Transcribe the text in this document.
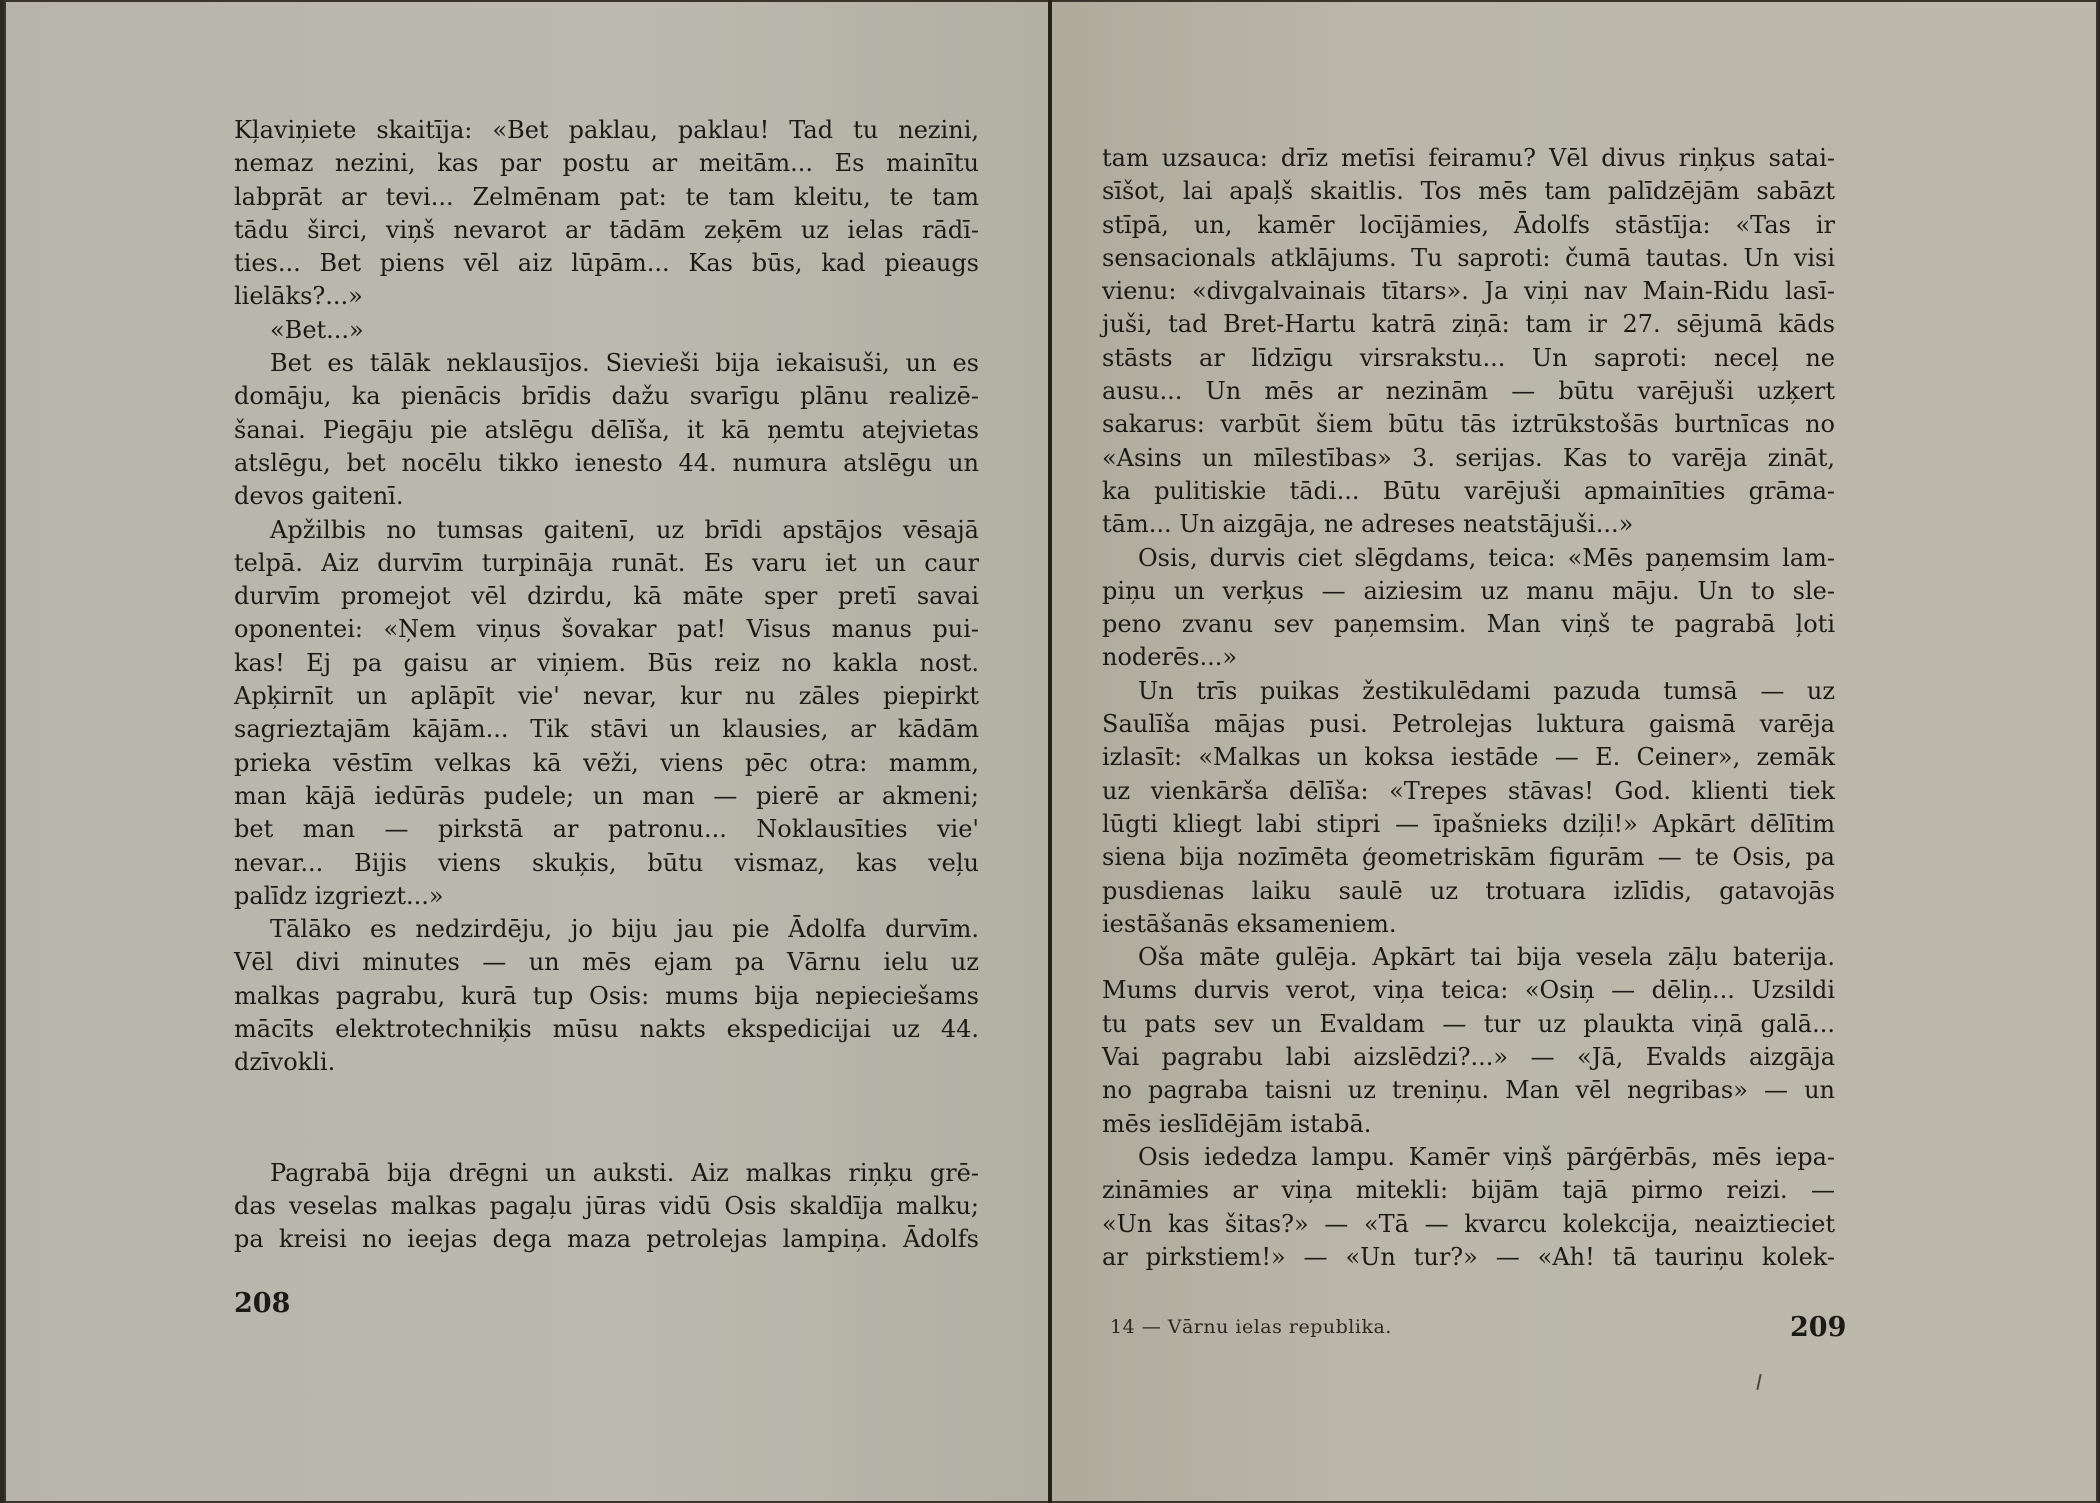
Kļaviņiete skaitīja: «Bet paklau, paklau! Tad tu nezini,
nemaz nezini, kas par postu ar meitām... Es mainītu
labprāt ar tevi... Zelmēnam pat: te tam kleitu, te tam
tādu širci, viņš nevarot ar tādām zeķēm uz ielas rādī-
ties... Bet piens vēl aiz lūpām... Kas būs, kad pieaugs
lielāks?...»
«Bet...»
Bet es tālāk neklausījos. Sievieši bija iekaisuši, un es
domāju, ka pienācis brīdis dažu svarīgu plānu realizē-
šanai. Piegāju pie atslēgu dēlīša, it kā ņemtu atejvietas
atslēgu, bet nocēlu tikko ienesto 44. numura atslēgu un
devos gaitenī.
Apžilbis no tumsas gaitenī, uz brīdi apstājos vēsajā
telpā. Aiz durvīm turpināja runāt. Es varu iet un caur
durvīm promejot vēl dzirdu, kā māte sper pretī savai
oponentei: «Ņem viņus šovakar pat! Visus manus pui-
kas! Ej pa gaisu ar viņiem. Būs reiz no kakla nost.
Apķirnīt un aplāpīt vie' nevar, kur nu zāles piepirkt
sagrieztajām kājām... Tik stāvi un klausies, ar kādām
prieka vēstīm velkas kā vēži, viens pēc otra: mamm,
man kājā iedūrās pudele; un man — pierē ar akmeni;
bet man — pirkstā ar patronu... Noklausīties vie'
nevar... Bijis viens skuķis, būtu vismaz, kas veļu
palīdz izgriezt...»
Tālāko es nedzirdēju, jo biju jau pie Ādolfa durvīm.
Vēl divi minutes — un mēs ejam pa Vārnu ielu uz
malkas pagrabu, kurā tup Osis: mums bija nepieciešams
mācīts elektrotechniķis mūsu nakts ekspedicijai uz 44.
dzīvokli.
Pagrabā bija drēgni un auksti. Aiz malkas riņķu grē-
das veselas malkas pagaļu jūras vidū Osis skaldīja malku;
pa kreisi no ieejas dega maza petrolejas lampiņa. Ādolfs
208
tam uzsauca: drīz metīsi feiramu? Vēl divus riņķus satai-
sīšot, lai apaļš skaitlis. Tos mēs tam palīdzējām sabāzt
stīpā, un, kamēr locījāmies, Ādolfs stāstīja: «Tas ir
sensacionals atklājums. Tu saproti: čumā tautas. Un visi
vienu: «divgalvainais tītars». Ja viņi nav Main-Ridu lasī-
juši, tad Bret-Hartu katrā ziņā: tam ir 27. sējumā kāds
stāsts ar līdzīgu virsrakstu... Un saproti: neceļ ne
ausu... Un mēs ar nezinām — būtu varējuši uzķert
sakarus: varbūt šiem būtu tās iztrūkstošās burtnīcas no
«Asins un mīlestības» 3. serijas. Kas to varēja zināt,
ka pulitiskie tādi... Būtu varējuši apmainīties grāma-
tām... Un aizgāja, ne adreses neatstājuši...»
Osis, durvis ciet slēgdams, teica: «Mēs paņemsim lam-
piņu un verķus — aiziesim uz manu māju. Un to sle-
peno zvanu sev paņemsim. Man viņš te pagrabā ļoti
noderēs...»
Un trīs puikas žestikulēdami pazuda tumsā — uz
Saulīša mājas pusi. Petrolejas luktura gaismā varēja
izlasīt: «Malkas un koksa iestāde — E. Ceiner», zemāk
uz vienkārša dēlīša: «Trepes stāvas! God. klienti tiek
lūgti kliegt labi stipri — īpašnieks dziļi!» Apkārt dēlītim
siena bija nozīmēta ģeometriskām figurām — te Osis, pa
pusdienas laiku saulē uz trotuara izlīdis, gatavojās
iestāšanās eksameniem.
Oša māte gulēja. Apkārt tai bija vesela zāļu baterija.
Mums durvis verot, viņa teica: «Osiņ — dēliņ... Uzsildi
tu pats sev un Evaldam — tur uz plaukta viņā galā...
Vai pagrabu labi aizslēdzi?...» — «Jā, Evalds aizgāja
no pagraba taisni uz treniņu. Man vēl negribas» — un
mēs ieslīdējām istabā.
Osis iededza lampu. Kamēr viņš pārģērbās, mēs iepa-
zināmies ar viņa mitekli: bijām tajā pirmo reizi. —
«Un kas šitas?» — «Tā — kvarcu kolekcija, neaiztieciet
ar pirkstiem!» — «Un tur?» — «Ah! tā tauriņu kolek-
14 — Vārnu ielas republika.	209
